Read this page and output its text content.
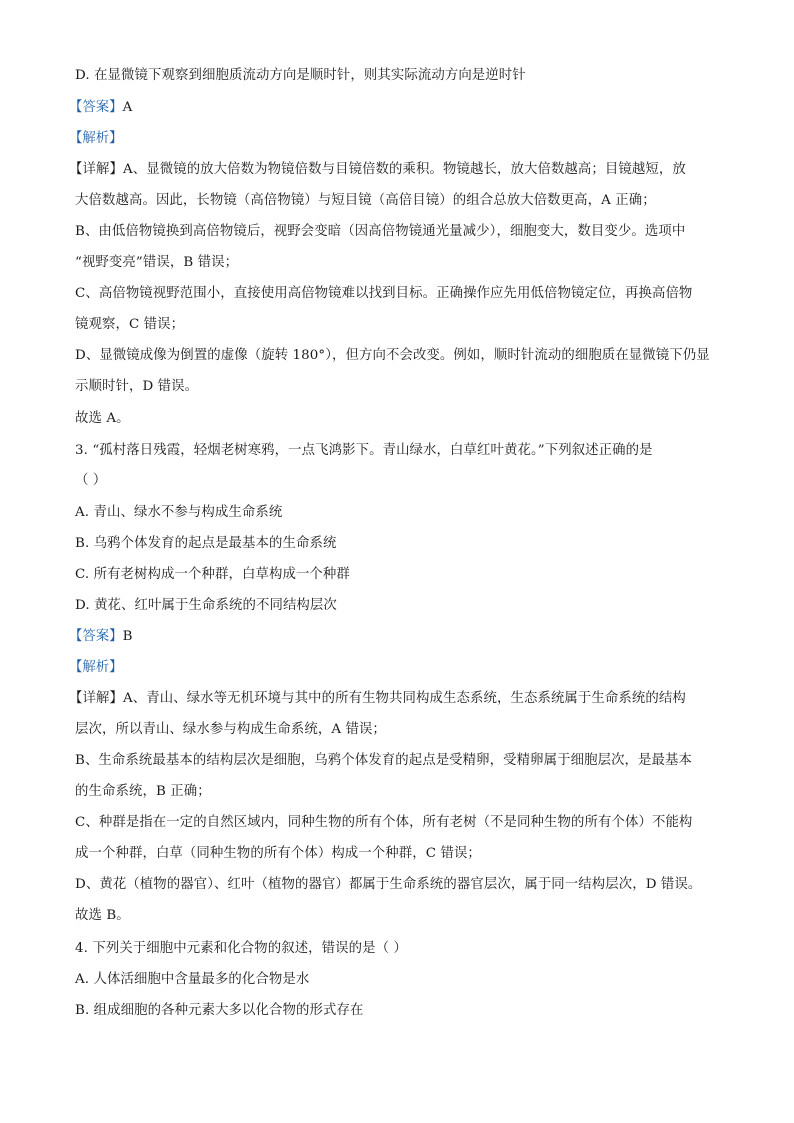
D. 在显微镜下观察到细胞质流动方向是顺时针，则其实际流动方向是逆时针
【答案】A
【解析】
【详解】A、显微镜的放大倍数为物镜倍数与目镜倍数的乘积。物镜越长，放大倍数越高；目镜越短，放
大倍数越高。因此，长物镜（高倍物镜）与短目镜（高倍目镜）的组合总放大倍数更高，A 正确；
B、由低倍物镜换到高倍物镜后，视野会变暗（因高倍物镜通光量减少），细胞变大，数目变少。选项中
“视野变亮”错误，B 错误；
C、高倍物镜视野范围小，直接使用高倍物镜难以找到目标。正确操作应先用低倍物镜定位，再换高倍物
镜观察，C 错误；
D、显微镜成像为倒置的虚像（旋转 180°），但方向不会改变。例如，顺时针流动的细胞质在显微镜下仍显
示顺时针，D 错误。
故选 A。
3. “孤村落日残霞，轻烟老树寒鸦，一点飞鸿影下。青山绿水，白草红叶黄花。”下列叙述正确的是
（ ）
A. 青山、绿水不参与构成生命系统
B. 乌鸦个体发育的起点是最基本的生命系统
C. 所有老树构成一个种群，白草构成一个种群
D. 黄花、红叶属于生命系统的不同结构层次
【答案】B
【解析】
【详解】A、青山、绿水等无机环境与其中的所有生物共同构成生态系统，生态系统属于生命系统的结构
层次，所以青山、绿水参与构成生命系统，A 错误；
B、生命系统最基本的结构层次是细胞，乌鸦个体发育的起点是受精卵，受精卵属于细胞层次，是最基本
的生命系统，B 正确；
C、种群是指在一定的自然区域内，同种生物的所有个体，所有老树（不是同种生物的所有个体）不能构
成一个种群，白草（同种生物的所有个体）构成一个种群，C 错误；
D、黄花（植物的器官）、红叶（植物的器官）都属于生命系统的器官层次，属于同一结构层次，D 错误。
故选 B。
4. 下列关于细胞中元素和化合物的叙述，错误的是（ ）
A. 人体活细胞中含量最多的化合物是水
B. 组成细胞的各种元素大多以化合物的形式存在
